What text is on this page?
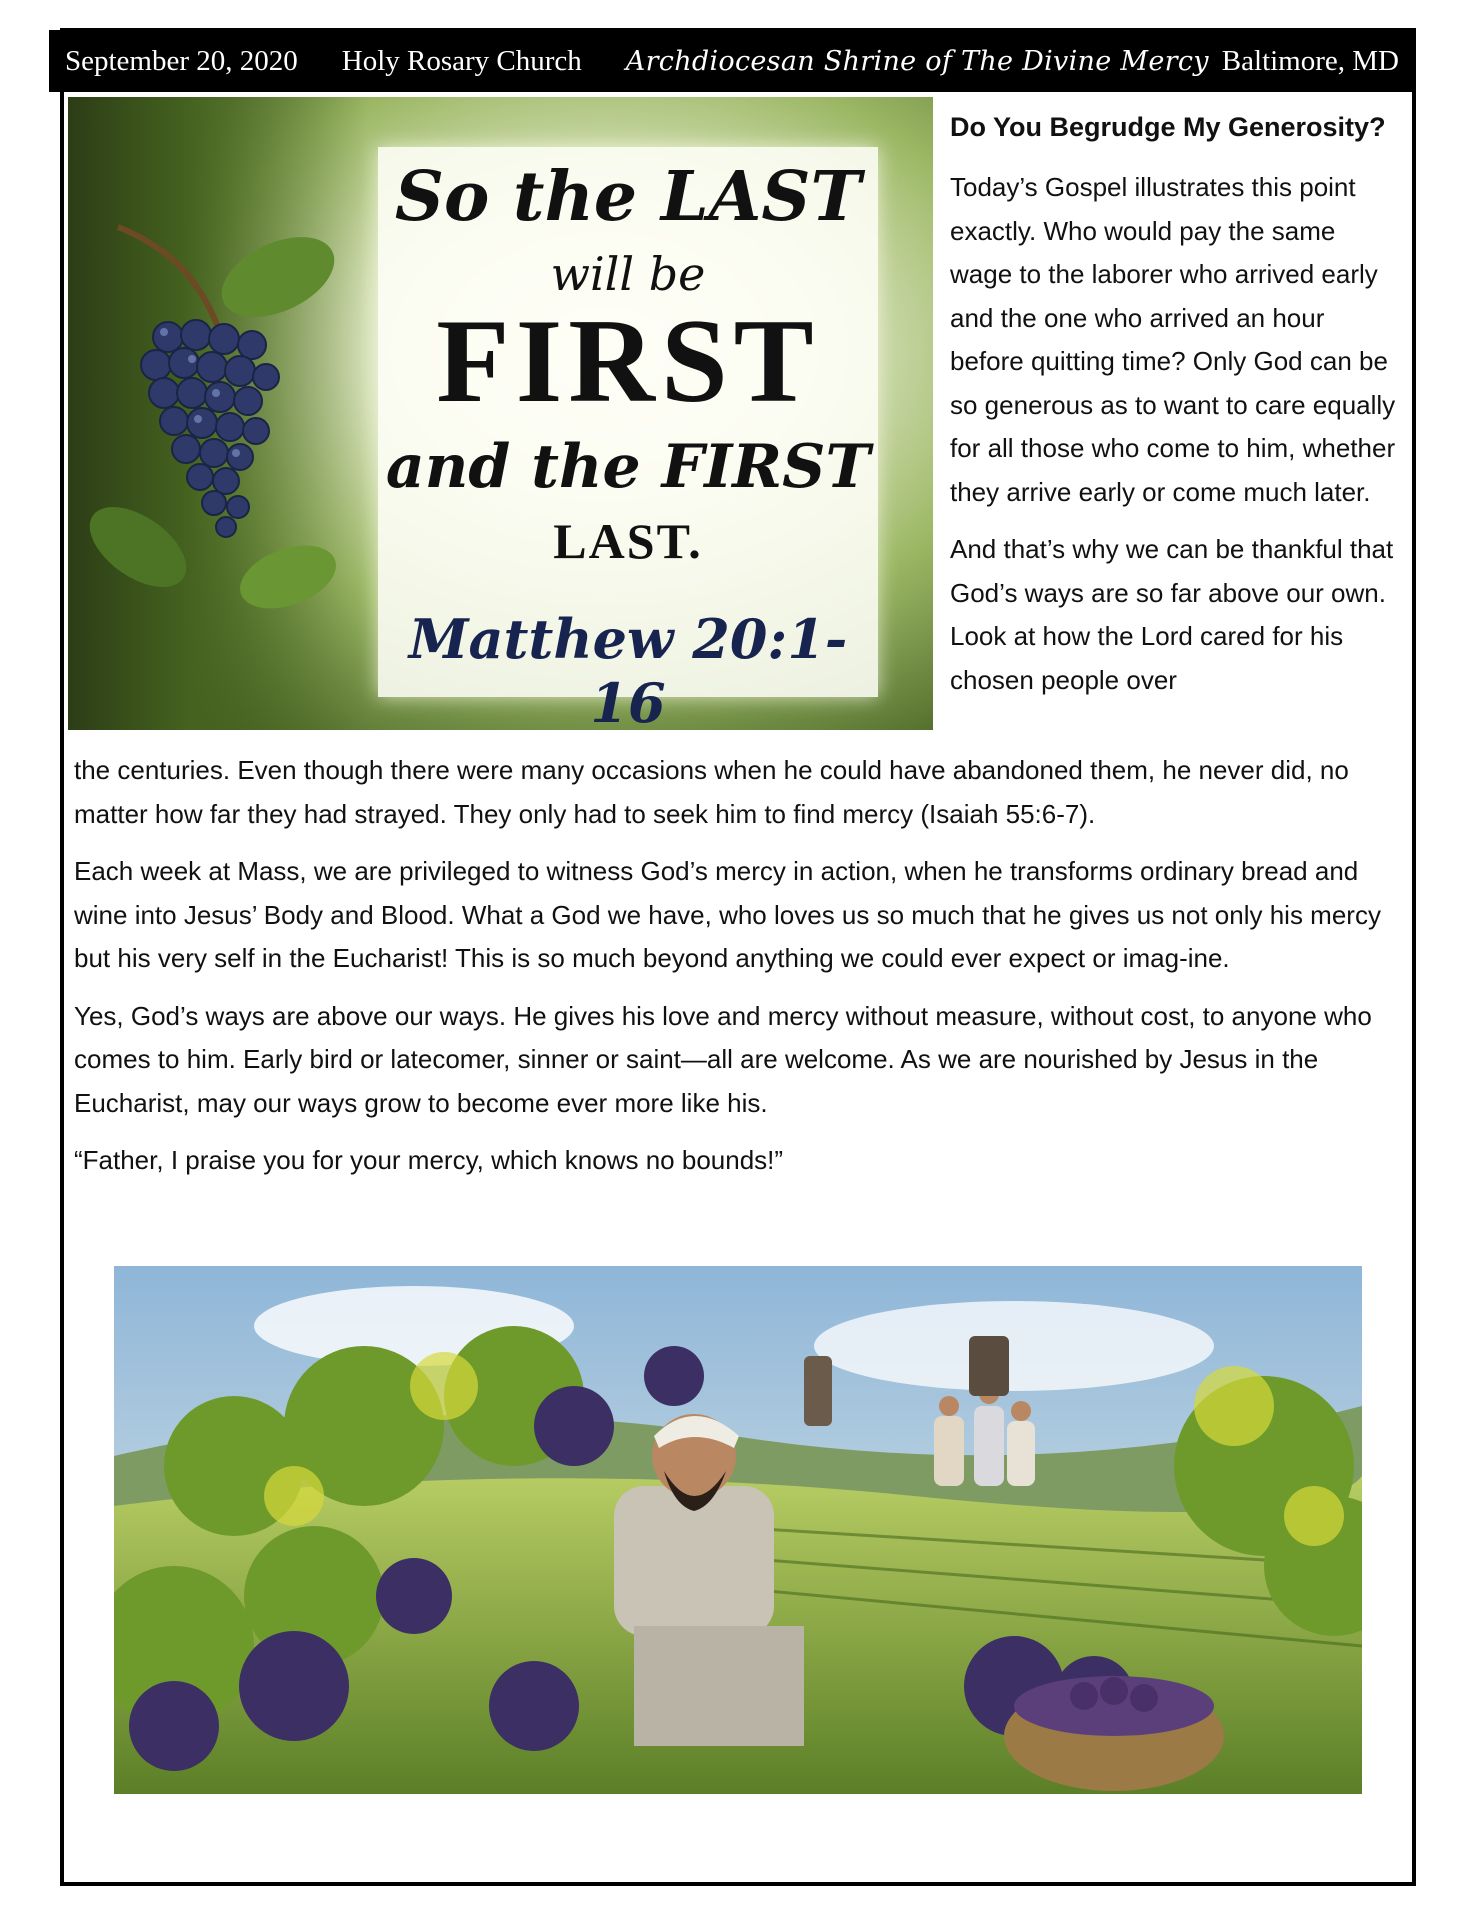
September 20, 2020 Holy Rosary Church Archdiocesan Shrine of The Divine Mercy Baltimore, MD
So the LAST
will be
FIRST
and the FIRST
LAST.
Matthew 20:1-16
Do You Begrudge My Generosity?

Today’s Gospel illustrates this point exactly. Who would pay the same wage to the laborer who arrived early and the one who arrived an hour before quitting time? Only God can be so generous as to want to care equally for all those who come to him, whether they arrive early or come much later.

And that’s why we can be thankful that God’s ways are so far above our own. Look at how the Lord cared for his chosen people over

the centuries. Even though there were many occasions when he could have abandoned them, he never did, no matter how far they had strayed. They only had to seek him to find mercy (Isaiah 55:6-7).

Each week at Mass, we are privileged to witness God’s mercy in action, when he transforms ordinary bread and wine into Jesus’ Body and Blood. What a God we have, who loves us so much that he gives us not only his mercy but his very self in the Eucharist! This is so much beyond anything we could ever expect or imag-ine.

Yes, God’s ways are above our ways. He gives his love and mercy without measure, without cost, to anyone who comes to him. Early bird or latecomer, sinner or saint—all are welcome. As we are nourished by Jesus in the Eucharist, may our ways grow to become ever more like his.

“Father, I praise you for your mercy, which knows no bounds!”
